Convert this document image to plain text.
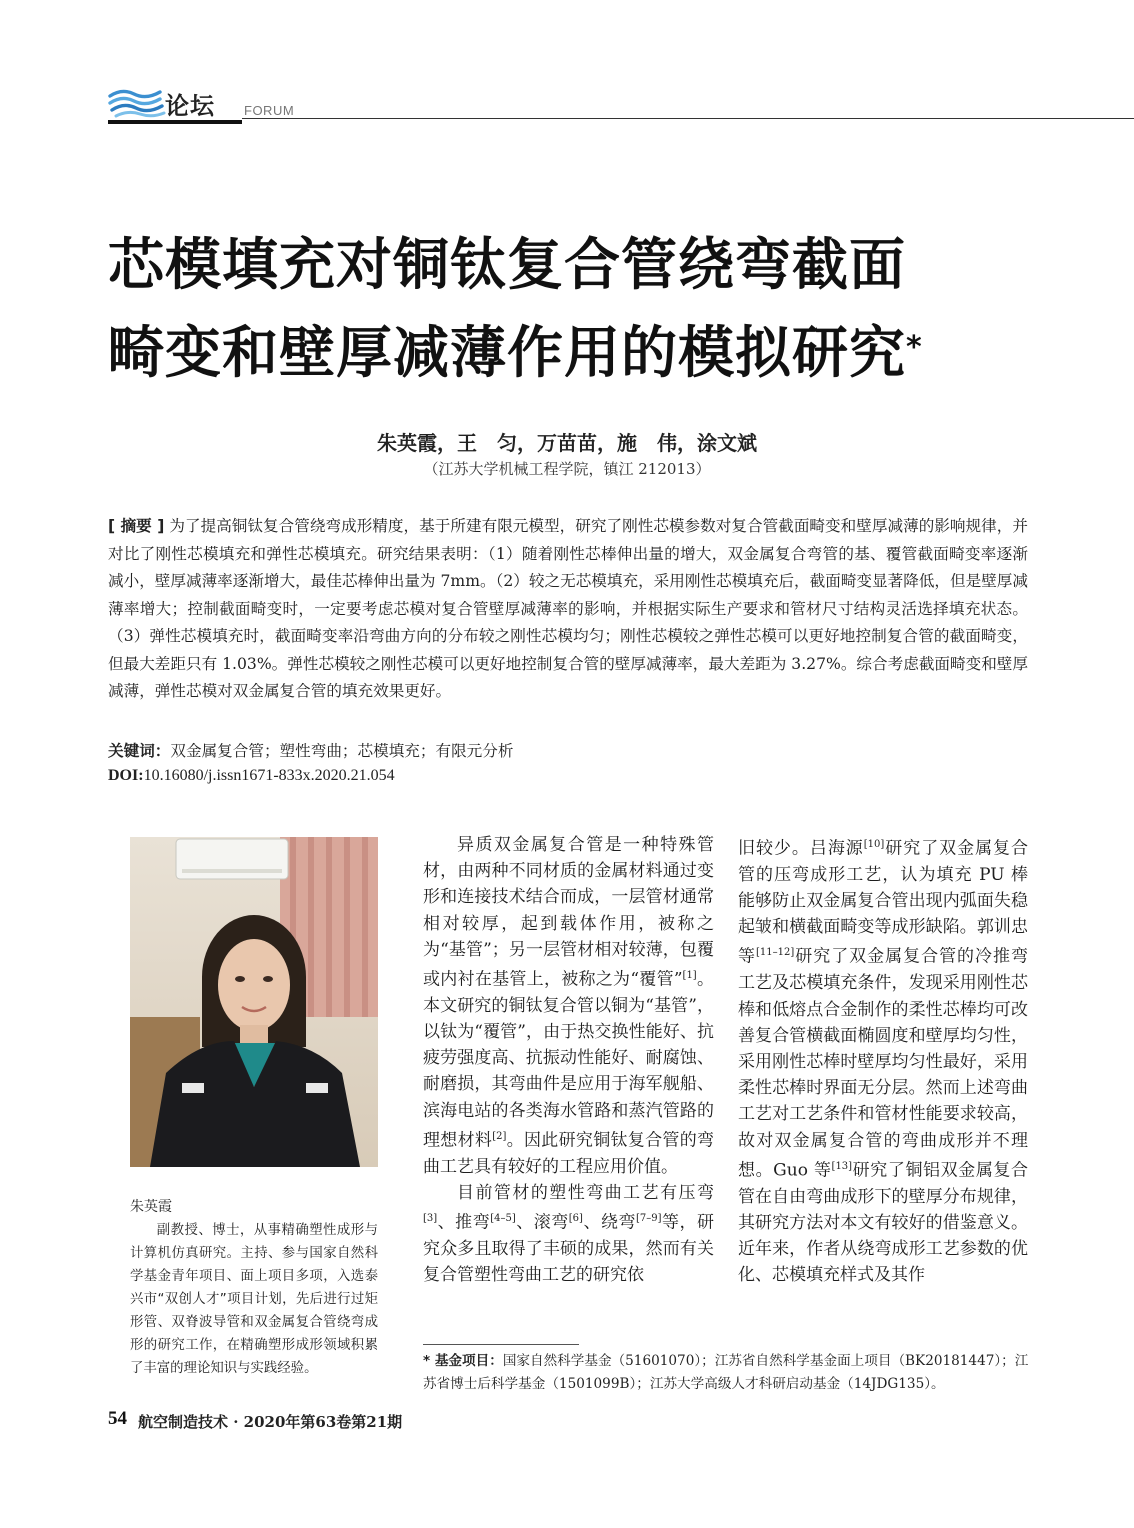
论坛 FORUM
芯模填充对铜钛复合管绕弯截面
畸变和壁厚减薄作用的模拟研究*
朱英霞，王　匀，万苗苗，施　伟，涂文斌
（江苏大学机械工程学院，镇江 212013）
[ 摘要 ] 为了提高铜钛复合管绕弯成形精度，基于所建有限元模型，研究了刚性芯模参数对复合管截面畸变和壁厚减薄的影响规律，并对比了刚性芯模填充和弹性芯模填充。研究结果表明：（1）随着刚性芯棒伸出量的增大，双金属复合弯管的基、覆管截面畸变率逐渐减小，壁厚减薄率逐渐增大，最佳芯棒伸出量为 7mm。（2）较之无芯模填充，采用刚性芯模填充后，截面畸变显著降低，但是壁厚减薄率增大；控制截面畸变时，一定要考虑芯模对复合管壁厚减薄率的影响，并根据实际生产要求和管材尺寸结构灵活选择填充状态。（3）弹性芯模填充时，截面畸变率沿弯曲方向的分布较之刚性芯模均匀；刚性芯模较之弹性芯模可以更好地控制复合管的截面畸变，但最大差距只有 1.03%。弹性芯模较之刚性芯模可以更好地控制复合管的壁厚减薄率，最大差距为 3.27%。综合考虑截面畸变和壁厚减薄，弹性芯模对双金属复合管的填充效果更好。
关键词：双金属复合管；塑性弯曲；芯模填充；有限元分析
DOI:10.16080/j.issn1671-833x.2020.21.054
朱英霞
副教授、博士，从事精确塑性成形与计算机仿真研究。主持、参与国家自然科学基金青年项目、面上项目多项，入选泰兴市“双创人才”项目计划，先后进行过矩形管、双脊波导管和双金属复合管绕弯成形的研究工作，在精确塑形成形领域积累了丰富的理论知识与实践经验。

异质双金属复合管是一种特殊管材，由两种不同材质的金属材料通过变形和连接技术结合而成，一层管材通常相对较厚，起到载体作用，被称之为“基管”；另一层管材相对较薄，包覆或内衬在基管上，被称之为“覆管”[1]。本文研究的铜钛复合管以铜为“基管”，以钛为“覆管”，由于热交换性能好、抗疲劳强度高、抗振动性能好、耐腐蚀、耐磨损，其弯曲件是应用于海军舰船、滨海电站的各类海水管路和蒸汽管路的理想材料[2]。因此研究铜钛复合管的弯曲工艺具有较好的工程应用价值。

目前管材的塑性弯曲工艺有压弯[3]、推弯[4–5]、滚弯[6]、绕弯[7–9]等，研究众多且取得了丰硕的成果，然而有关复合管塑性弯曲工艺的研究依

旧较少。吕海源[10]研究了双金属复合管的压弯成形工艺，认为填充 PU 棒能够防止双金属复合管出现内弧面失稳起皱和横截面畸变等成形缺陷。郭训忠等[11–12]研究了双金属复合管的冷推弯工艺及芯模填充条件，发现采用刚性芯棒和低熔点合金制作的柔性芯棒均可改善复合管横截面椭圆度和壁厚均匀性，采用刚性芯棒时壁厚均匀性最好，采用柔性芯棒时界面无分层。然而上述弯曲工艺对工艺条件和管材性能要求较高，故对双金属复合管的弯曲成形并不理想。Guo 等[13]研究了铜铝双金属复合管在自由弯曲成形下的壁厚分布规律，其研究方法对本文有较好的借鉴意义。近年来，作者从绕弯成形工艺参数的优化、芯模填充样式及其作

* 基金项目：国家自然科学基金（51601070）；江苏省自然科学基金面上项目（BK20181447）；江苏省博士后科学基金（1501099B）；江苏大学高级人才科研启动基金（14JDG135）。
54 航空制造技术 · 2020年第63卷第21期
